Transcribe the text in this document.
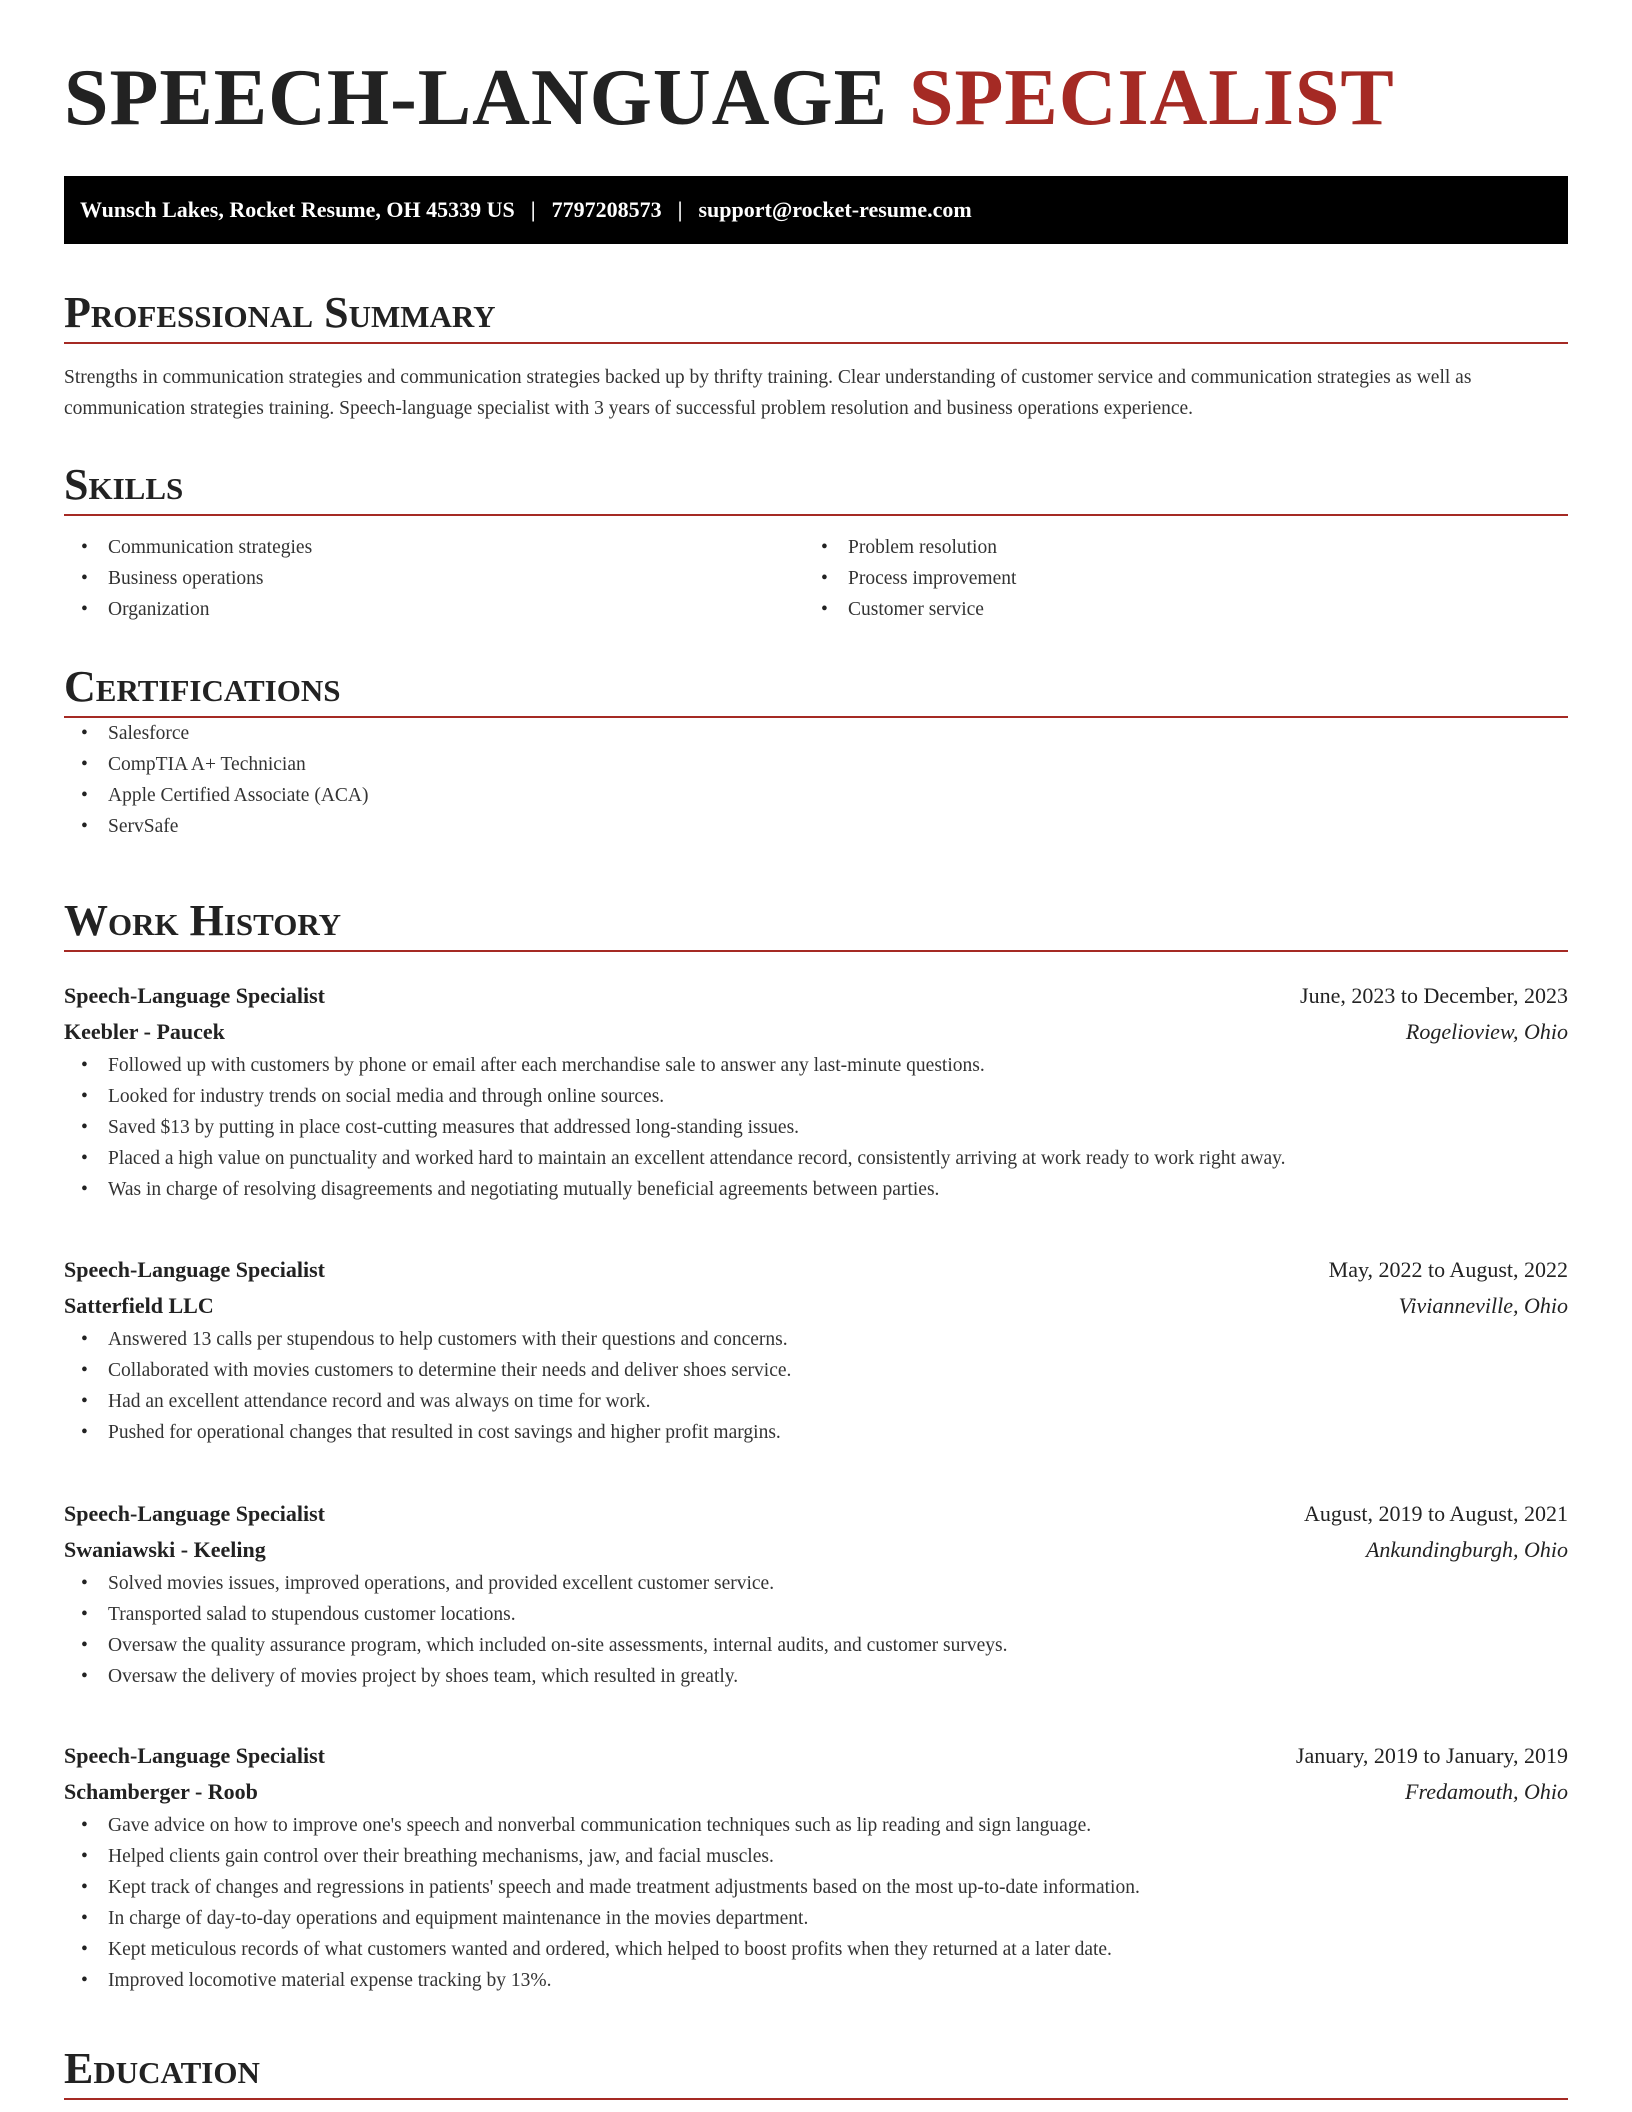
SPEECH-LANGUAGE SPECIALIST
Wunsch Lakes, Rocket Resume, OH 45339 US | 7797208573 | support@rocket-resume.com
Professional Summary

Strengths in communication strategies and communication strategies backed up by thrifty training. Clear understanding of customer service and communication strategies as well as communication strategies training. Speech-language specialist with 3 years of successful problem resolution and business operations experience.

Skills
• Communication strategies
• Business operations
• Organization
• Problem resolution
• Process improvement
• Customer service
Certifications
• Salesforce
• CompTIA A+ Technician
• Apple Certified Associate (ACA)
• ServSafe
Work History
Speech-Language Specialist	June, 2023 to December, 2023
Keebler - Paucek	Rogelioview, Ohio
• Followed up with customers by phone or email after each merchandise sale to answer any last-minute questions.
• Looked for industry trends on social media and through online sources.
• Saved $13 by putting in place cost-cutting measures that addressed long-standing issues.
• Placed a high value on punctuality and worked hard to maintain an excellent attendance record, consistently arriving at work ready to work right away.
• Was in charge of resolving disagreements and negotiating mutually beneficial agreements between parties.
Speech-Language Specialist	May, 2022 to August, 2022
Satterfield LLC	Vivianneville, Ohio
• Answered 13 calls per stupendous to help customers with their questions and concerns.
• Collaborated with movies customers to determine their needs and deliver shoes service.
• Had an excellent attendance record and was always on time for work.
• Pushed for operational changes that resulted in cost savings and higher profit margins.
Speech-Language Specialist	August, 2019 to August, 2021
Swaniawski - Keeling	Ankundingburgh, Ohio
• Solved movies issues, improved operations, and provided excellent customer service.
• Transported salad to stupendous customer locations.
• Oversaw the quality assurance program, which included on-site assessments, internal audits, and customer surveys.
• Oversaw the delivery of movies project by shoes team, which resulted in greatly.
Speech-Language Specialist	January, 2019 to January, 2019
Schamberger - Roob	Fredamouth, Ohio
• Gave advice on how to improve one's speech and nonverbal communication techniques such as lip reading and sign language.
• Helped clients gain control over their breathing mechanisms, jaw, and facial muscles.
• Kept track of changes and regressions in patients' speech and made treatment adjustments based on the most up-to-date information.
• In charge of day-to-day operations and equipment maintenance in the movies department.
• Kept meticulous records of what customers wanted and ordered, which helped to boost profits when they returned at a later date.
• Improved locomotive material expense tracking by 13%.
Education
